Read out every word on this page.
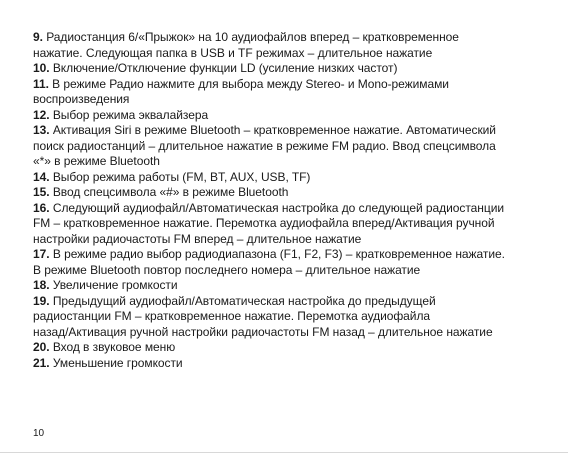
9. Радиостанция 6/«Прыжок» на 10 аудиофайлов вперед – кратковременное
нажатие. Следующая папка в USB и TF режимах – длительное нажатие

10. Включение/Отключение функции LD (усиление низких частот)

11. В режиме Радио нажмите для выбора между Stereo- и Mono-режимами
воспроизведения

12. Выбор режима эквалайзера

13. Активация Siri в режиме Bluetooth – кратковременное нажатие. Автоматический
поиск радиостанций – длительное нажатие в режиме FM радио. Ввод спецсимвола
«*» в режиме Bluetooth

14. Выбор режима работы (FM, BT, AUX, USB, TF)

15. Ввод спецсимвола «#» в режиме Bluetooth

16. Следующий аудиофайл/Автоматическая настройка до следующей радиостанции
FM – кратковременное нажатие. Перемотка аудиофайла вперед/Активация ручной
настройки радиочастоты FM вперед – длительное нажатие

17. В режиме радио выбор радиодиапазона (F1, F2, F3) – кратковременное нажатие.
В режиме Bluetooth повтор последнего номера – длительное нажатие

18. Увеличение громкости

19. Предыдущий аудиофайл/Автоматическая настройка до предыдущей
радиостанции FM – кратковременное нажатие. Перемотка аудиофайла
назад/Активация ручной настройки радиочастоты FM назад – длительное нажатие

20. Вход в звуковое меню

21. Уменьшение громкости

10
